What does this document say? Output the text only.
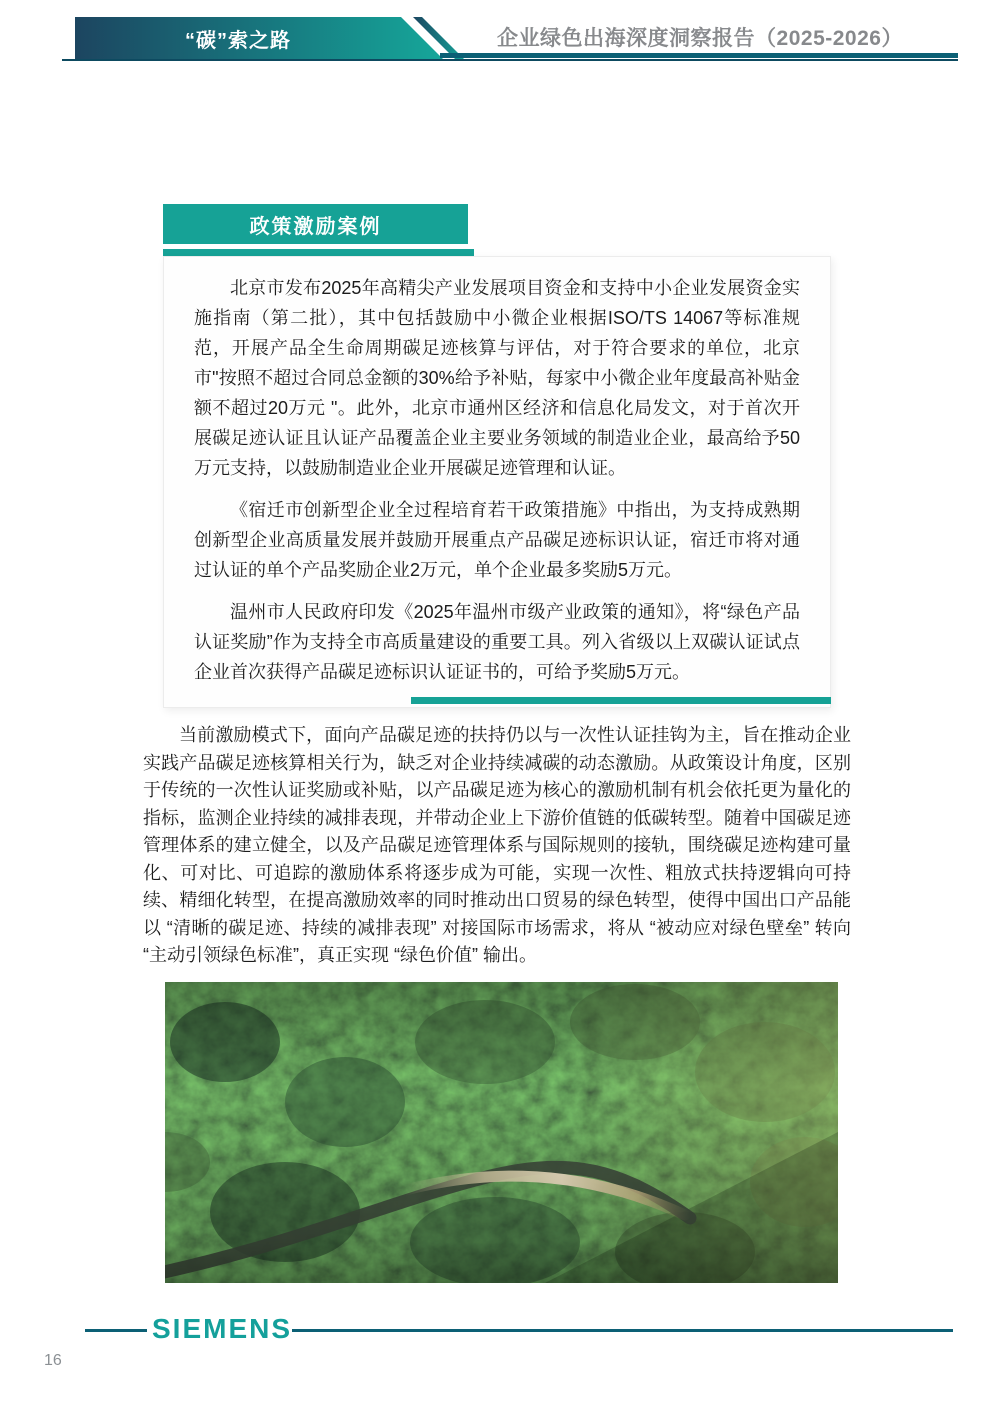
“碳”索之路	企业绿色出海深度洞察报告（2025-2026）
政策激励案例

北京市发布2025年高精尖产业发展项目资金和支持中小企业发展资金实施指南（第二批），其中包括鼓励中小微企业根据ISO/TS 14067等标准规范，开展产品全生命周期碳足迹核算与评估，对于符合要求的单位，北京市"按照不超过合同总金额的30%给予补贴，每家中小微企业年度最高补贴金额不超过20万元 "。此外，北京市通州区经济和信息化局发文，对于首次开展碳足迹认证且认证产品覆盖企业主要业务领域的制造业企业，最高给予50万元支持，以鼓励制造业企业开展碳足迹管理和认证。

《宿迁市创新型企业全过程培育若干政策措施》中指出，为支持成熟期创新型企业高质量发展并鼓励开展重点产品碳足迹标识认证，宿迁市将对通过认证的单个产品奖励企业2万元，单个企业最多奖励5万元。

温州市人民政府印发《2025年温州市级产业政策的通知》，将“绿色产品认证奖励”作为支持全市高质量建设的重要工具。列入省级以上双碳认证试点企业首次获得产品碳足迹标识认证证书的，可给予奖励5万元。

当前激励模式下，面向产品碳足迹的扶持仍以与一次性认证挂钩为主，旨在推动企业实践产品碳足迹核算相关行为，缺乏对企业持续减碳的动态激励。从政策设计角度，区别于传统的一次性认证奖励或补贴，以产品碳足迹为核心的激励机制有机会依托更为量化的指标，监测企业持续的减排表现，并带动企业上下游价值链的低碳转型。随着中国碳足迹管理体系的建立健全，以及产品碳足迹管理体系与国际规则的接轨，围绕碳足迹构建可量化、可对比、可追踪的激励体系将逐步成为可能，实现一次性、粗放式扶持逻辑向可持续、精细化转型，在提高激励效率的同时推动出口贸易的绿色转型，使得中国出口产品能以 “清晰的碳足迹、持续的减排表现” 对接国际市场需求，将从 “被动应对绿色壁垒” 转向 “主动引领绿色标准”，真正实现 “绿色价值” 输出。

SIEMENS
16
